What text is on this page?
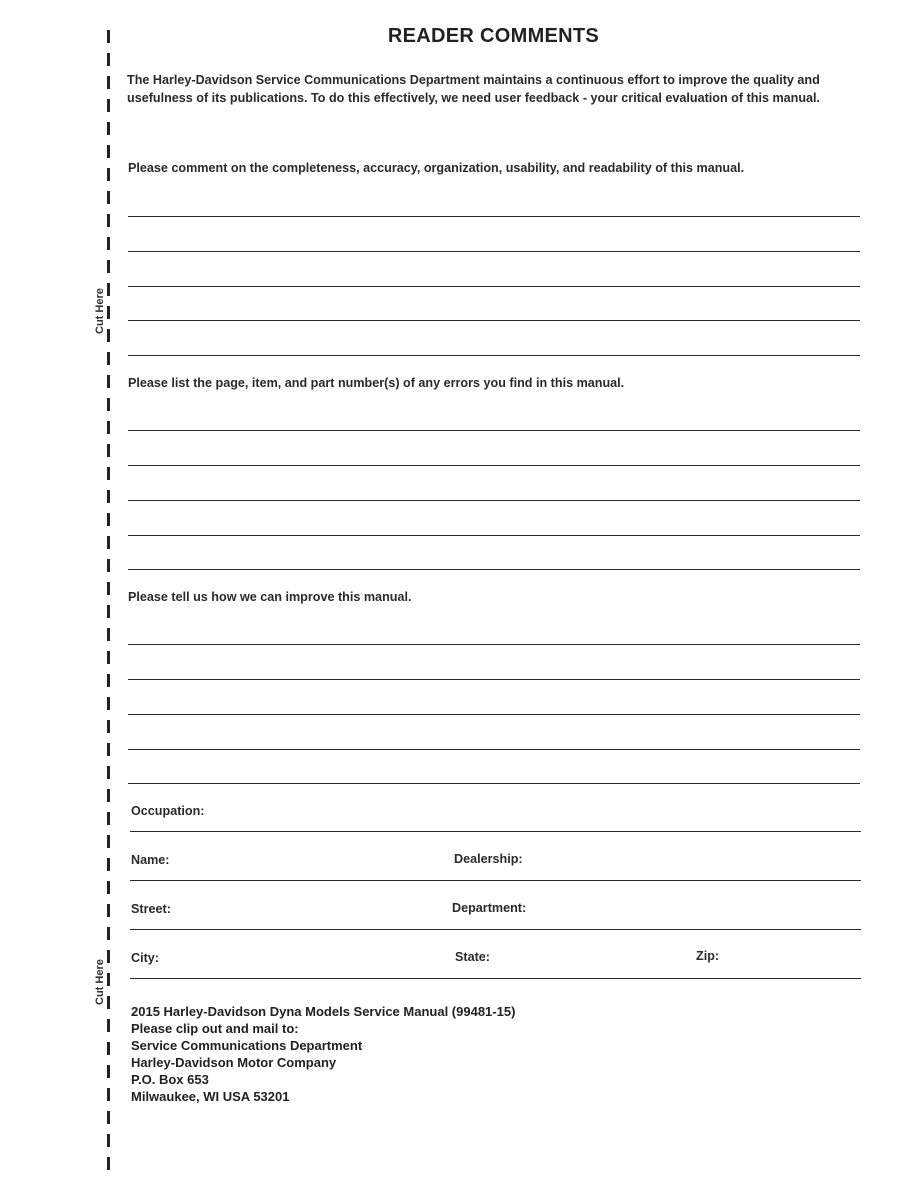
Cut Here
Cut Here
READER COMMENTS
The Harley-Davidson Service Communications Department maintains a continuous effort to improve the quality and usefulness of its publications. To do this effectively, we need user feedback - your critical evaluation of this manual.
Please comment on the completeness, accuracy, organization, usability, and readability of this manual.
Please list the page, item, and part number(s) of any errors you find in this manual.
Please tell us how we can improve this manual.
Occupation:
Name:	Dealership:
Street:	Department:
City:	State:	Zip:
2015 Harley-Davidson Dyna Models Service Manual (99481-15)
Please clip out and mail to:
Service Communications Department
Harley-Davidson Motor Company
P.O. Box 653
Milwaukee, WI USA 53201
